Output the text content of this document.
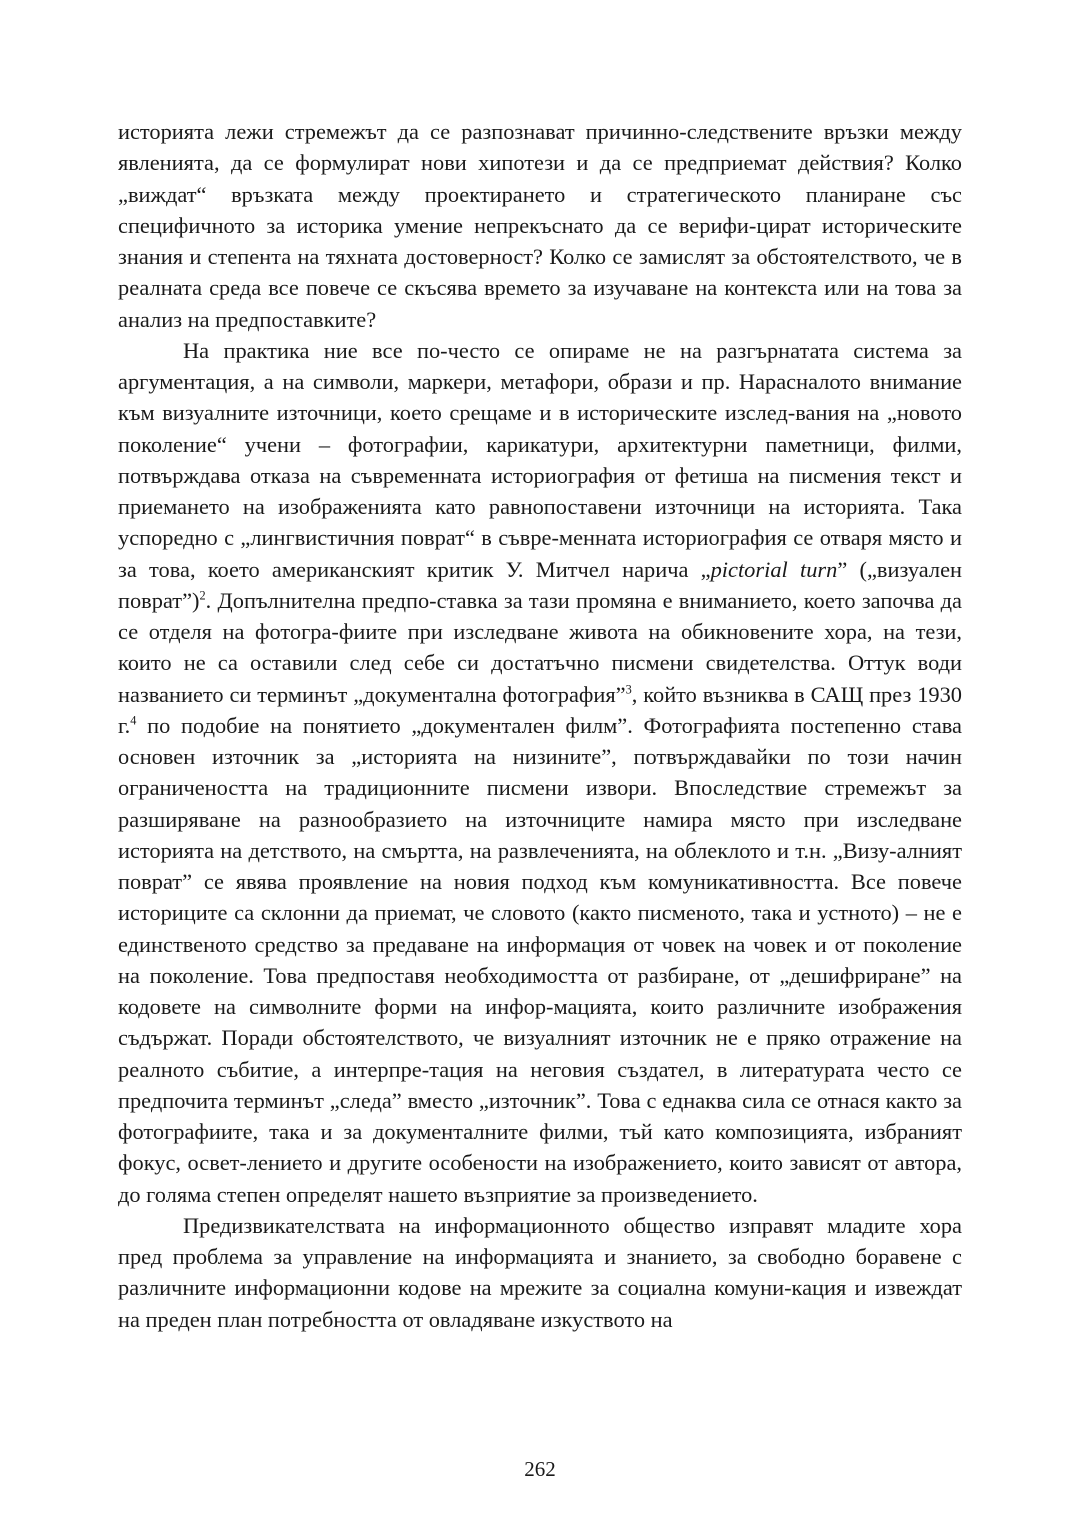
историята лежи стремежът да се разпознават причинно-следствените връзки между явленията, да се формулират нови хипотези и да се предприемат действия? Колко „виждат“ връзката между проектирането и стратегическото планиране със специфичното за историка умение непрекъснато да се верифи-цират историческите знания и степента на тяхната достоверност? Колко се замислят за обстоятелството, че в реалната среда все повече се скъсява времето за изучаване на контекста или на това за анализ на предпоставките?

На практика ние все по-често се опираме не на разгърнатата система за аргументация, а на символи, маркери, метафори, образи и пр. Нарасналото внимание към визуалните източници, което срещаме и в историческите изслед-вания на „новото поколение“ учени – фотографии, карикатури, архитектурни паметници, филми, потвърждава отказа на съвременната историография от фетиша на писмения текст и приемането на изображенията като равнопоставени източници на историята. Така успоредно с „лингвистичния поврат“ в съвре-менната историография се отваря място и за това, което американският критик У. Митчел нарича „pictorial turn” („визуален поврат”)$^2$. Допълнителна предпо-ставка за тази промяна е вниманието, което започва да се отделя на фотогра-фиите при изследване живота на обикновените хора, на тези, които не са оставили след себе си достатъчно писмени свидетелства. Оттук води названието си терминът „документална фотография”$^3$, който възниква в САЩ през 1930 г.$^4$ по подобие на понятието „документален филм”. Фотографията постепенно става основен източник за „историята на низините”, потвърждавайки по този начин ограничеността на традиционните писмени извори. Впоследствие стремежът за разширяване на разнообразието на източниците намира място при изследване историята на детството, на смъртта, на развлеченията, на облеклото и т.н. „Визу-алният поврат” се явява проявление на новия подход към комуникативността. Все повече историците са склонни да приемат, че словото (както писменото, така и устното) – не е единственото средство за предаване на информация от човек на човек и от поколение на поколение. Това предпоставя необходимостта от разбиране, от „дешифриране” на кодовете на символните форми на инфор-мацията, които различните изображения съдържат. Поради обстоятелството, че визуалният източник не е пряко отражение на реалното събитие, а интерпре-тация на неговия създател, в литературата често се предпочита терминът „следа” вместо „източник”. Това с еднаква сила се отнася както за фотографиите, така и за документалните филми, тъй като композицията, избраният фокус, освет-лението и другите особености на изображението, които зависят от автора, до голяма степен определят нашето възприятие за произведението.

Предизвикателствата на информационното общество изправят младите хора пред проблема за управление на информацията и знанието, за свободно боравене с различните информационни кодове на мрежите за социална комуни-кация и извеждат на преден план потребността от овладяване изкуството на

262
